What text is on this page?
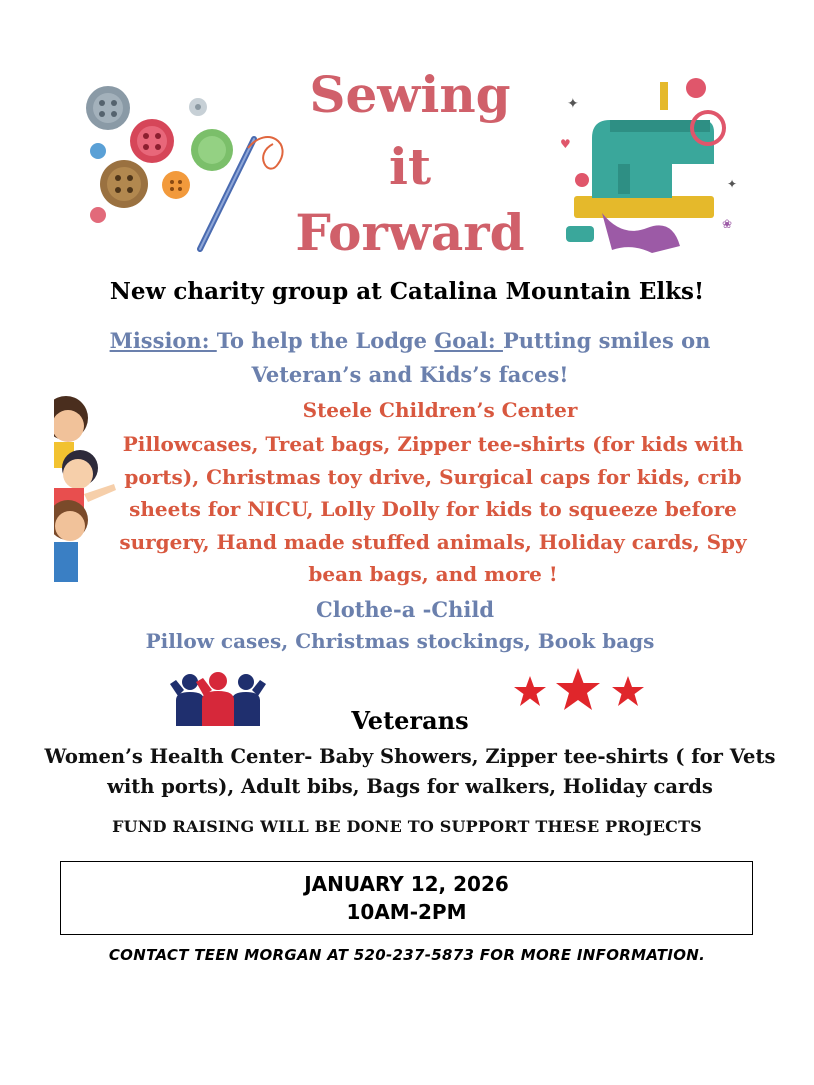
Sewing
it
Forward
✦
✦
♥
❀
New charity group at Catalina Mountain Elks!
Mission: To help the Lodge Goal: Putting smiles on Veteran’s and Kids’s faces!
Steele Children’s Center
Pillowcases, Treat bags, Zipper tee-shirts (for kids with ports), Christmas toy drive, Surgical caps for kids, crib sheets for NICU, Lolly Dolly for kids to squeeze before surgery, Hand made stuffed animals, Holiday cards, Spy bean bags, and more !
Clothe-a -Child
Pillow cases, Christmas stockings, Book bags
Veterans
Women’s Health Center- Baby Showers, Zipper tee-shirts ( for Vets with ports), Adult bibs, Bags for walkers, Holiday cards
FUND RAISING WILL BE DONE TO SUPPORT THESE PROJECTS
JANUARY 12, 2026
10AM-2PM
CONTACT TEEN MORGAN AT 520-237-5873 FOR MORE INFORMATION.
